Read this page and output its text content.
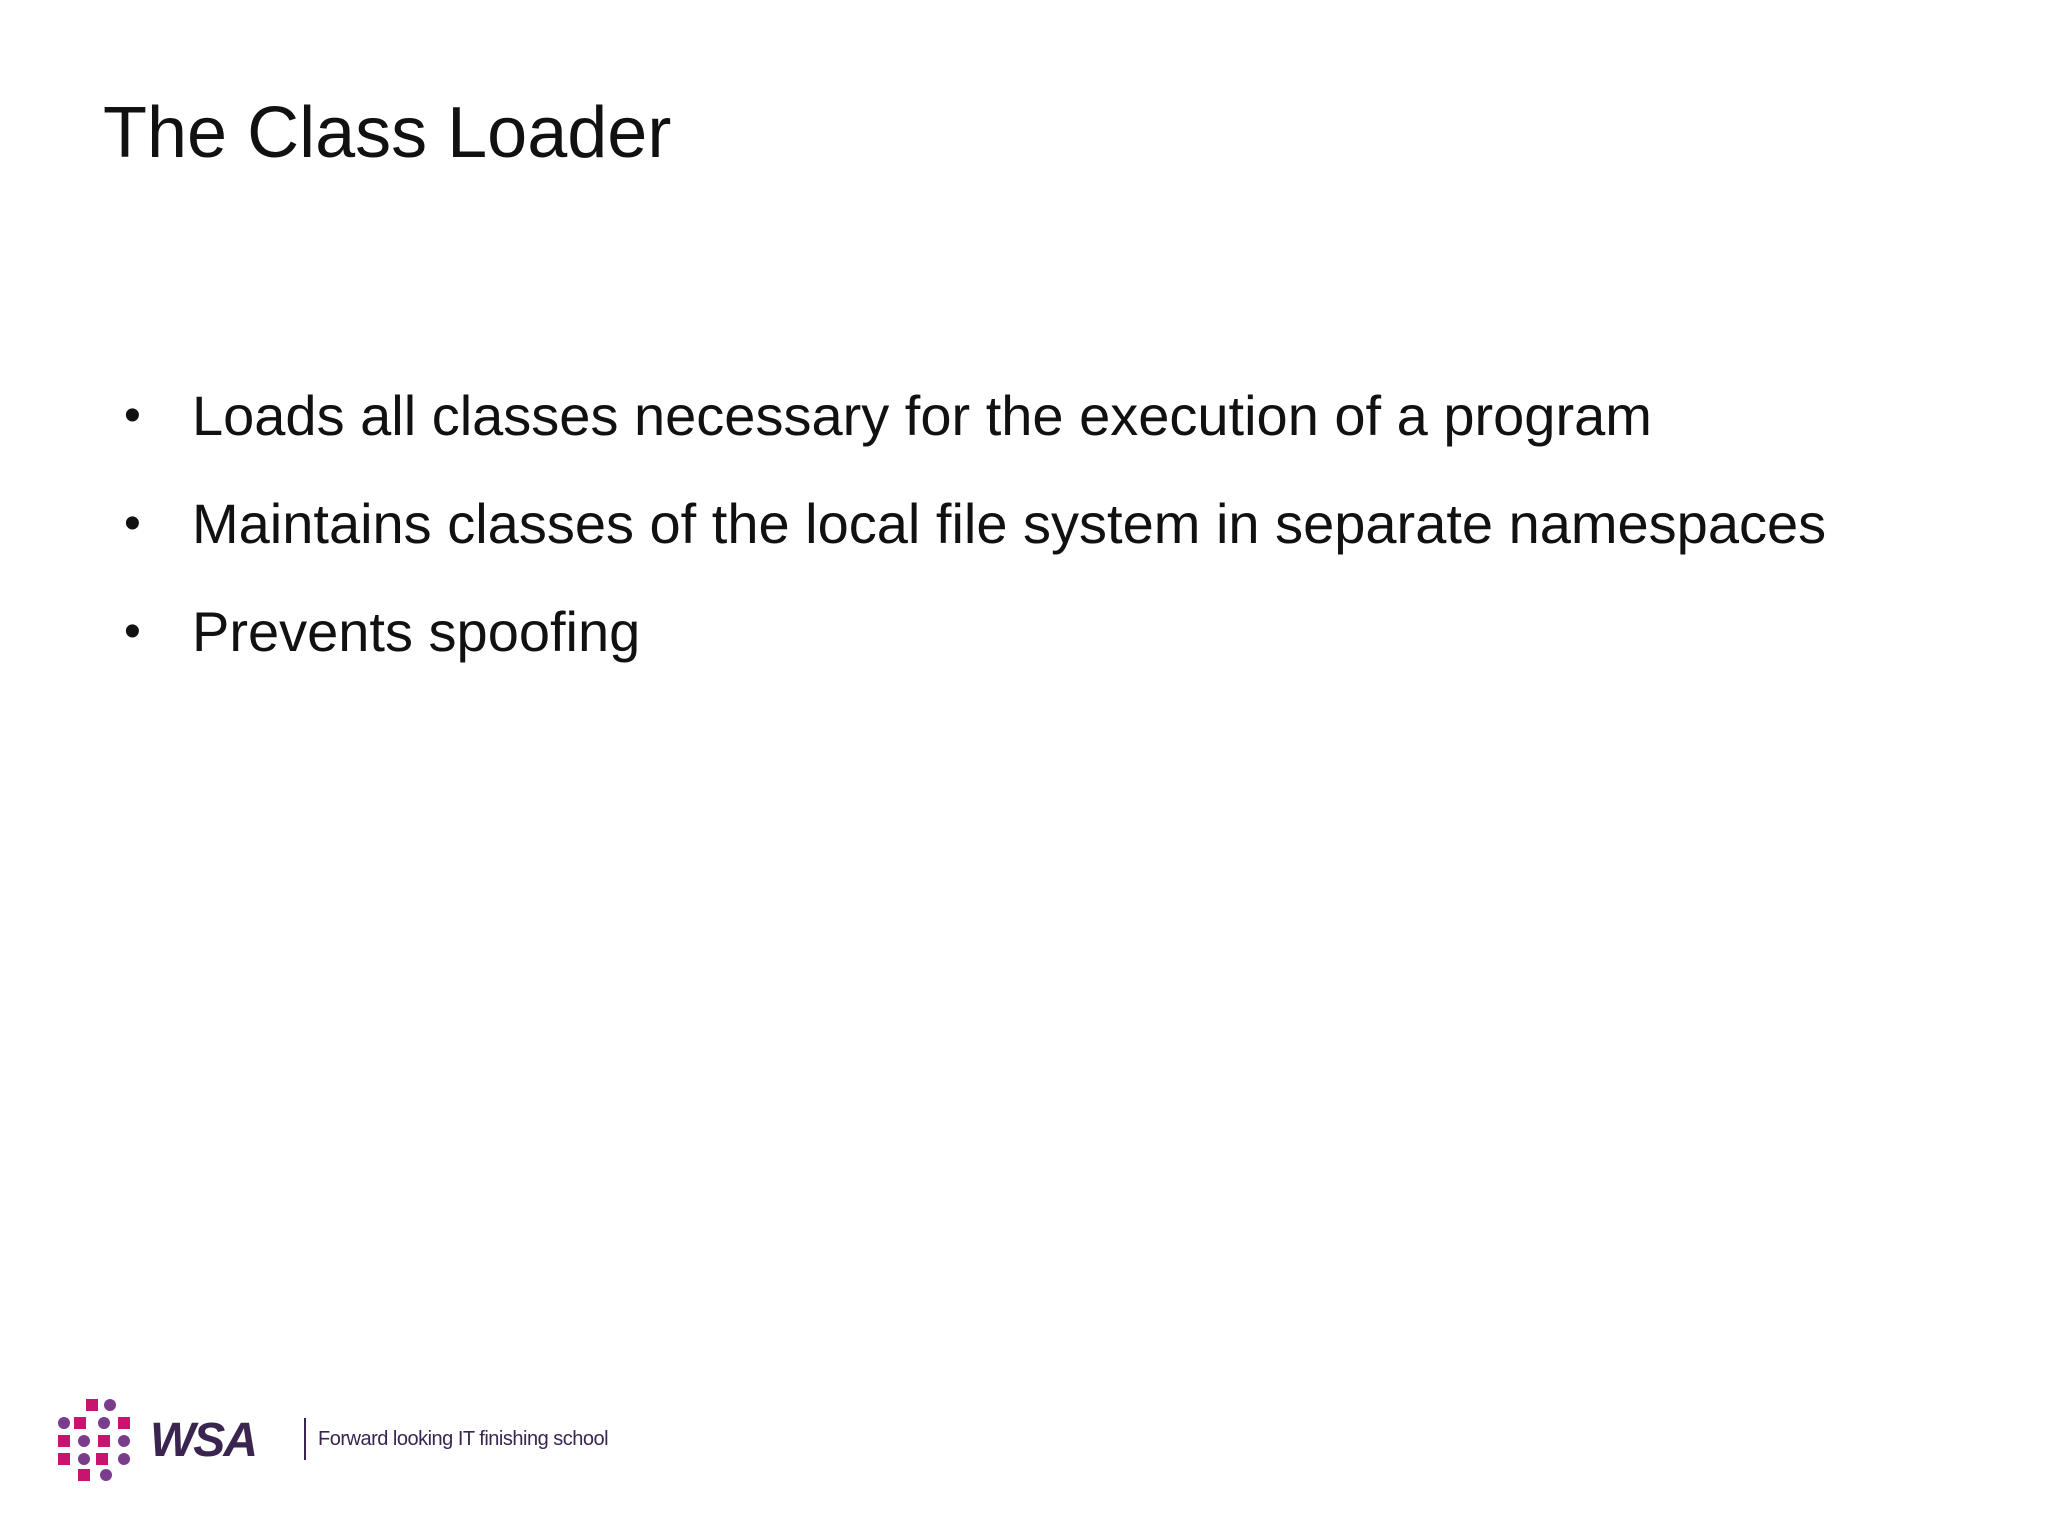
The Class Loader
• Loads all classes necessary for the execution of a program
• Maintains classes of the local file system in separate namespaces
• Prevents spoofing
WSA	Forward looking IT finishing school
